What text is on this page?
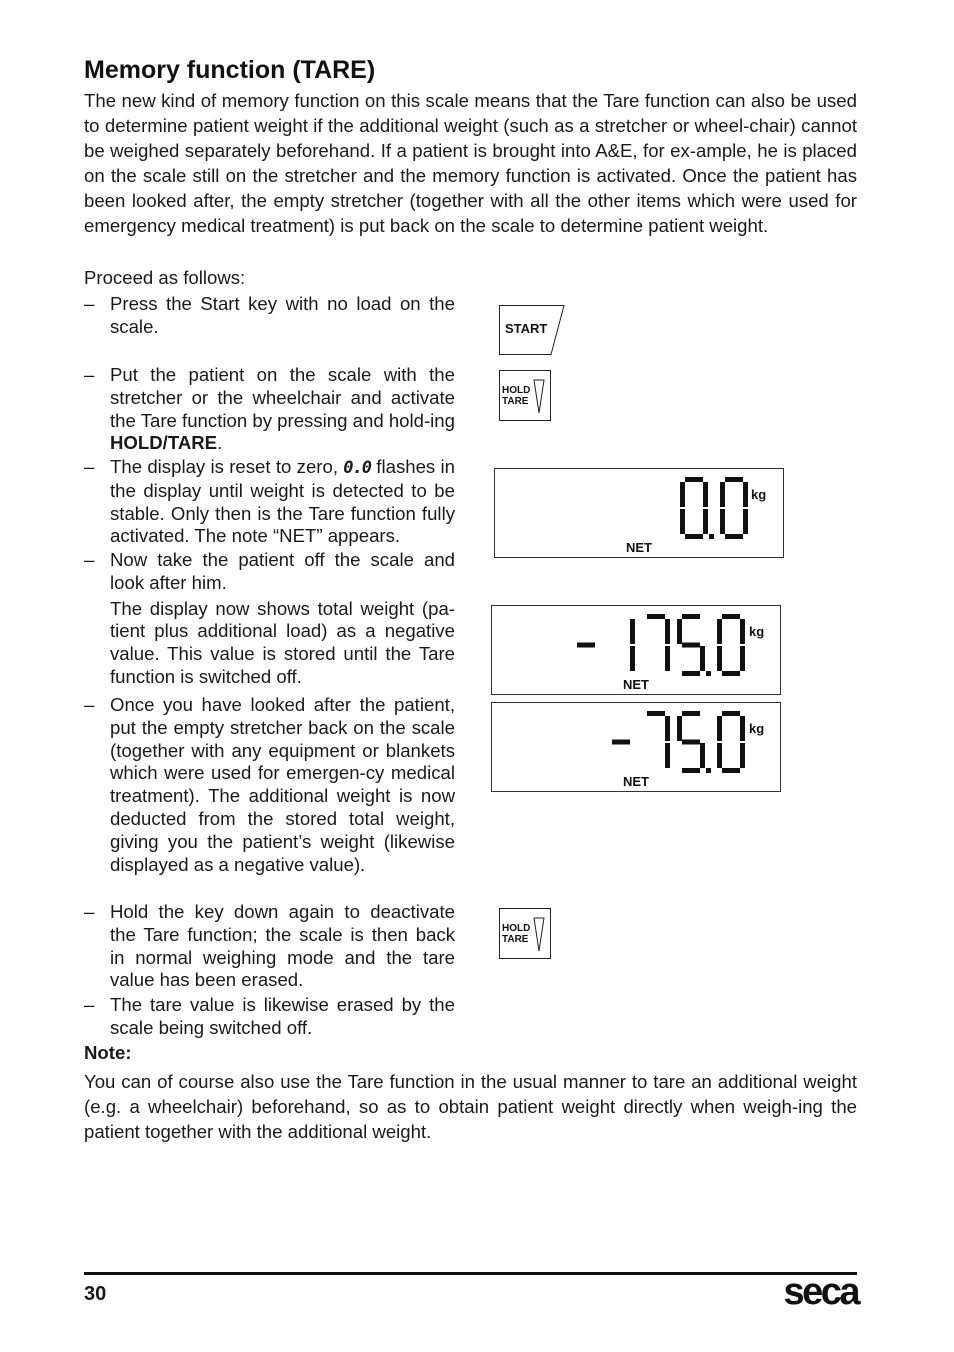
Memory function (TARE)

The new kind of memory function on this scale means that the Tare function can also be used to determine patient weight if the additional weight (such as a stretcher or wheel-chair) cannot be weighed separately beforehand. If a patient is brought into A&E, for ex-ample, he is placed on the scale still on the stretcher and the memory function is activated. Once the patient has been looked after, the empty stretcher (together with all the other items which were used for emergency medical treatment) is put back on the scale to determine patient weight.

Proceed as follows:

– Press the Start key with no load on the scale.

– Put the patient on the scale with the stretcher or the wheelchair and activate the Tare function by pressing and hold-ing HOLD/TARE.

– The display is reset to zero, 0.0 flashes in the display until weight is detected to be stable. Only then is the Tare function fully activated. The note “NET” appears.

– Now take the patient off the scale and look after him.

The display now shows total weight (pa-tient plus additional load) as a negative value. This value is stored until the Tare function is switched off.

– Once you have looked after the patient, put the empty stretcher back on the scale (together with any equipment or blankets which were used for emergen-cy medical treatment). The additional weight is now deducted from the stored total weight, giving you the patient’s weight (likewise displayed as a negative value).

– Hold the key down again to deactivate the Tare function; the scale is then back in normal weighing mode and the tare value has been erased.

– The tare value is likewise erased by the scale being switched off.

START
HOLD
TARE
HOLD
TARE
kg
NET
kg
NET
kg
NET

Note:

You can of course also use the Tare function in the usual manner to tare an additional weight (e.g. a wheelchair) beforehand, so as to obtain patient weight directly when weigh-ing the patient together with the additional weight.

30	seca
